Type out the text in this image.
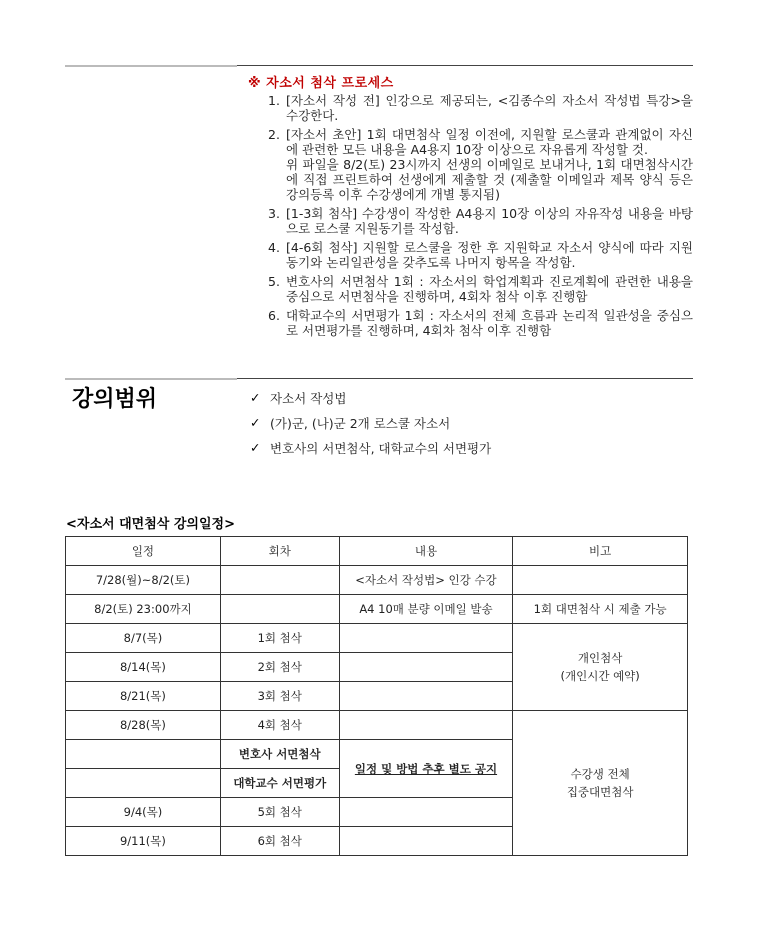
※ 자소서 첨삭 프로세스
1. [자소서 작성 전] 인강으로 제공되는, <김종수의 자소서 작성법 특강>을 수강한다.
2. [자소서 초안] 1회 대면첨삭 일정 이전에, 지원할 로스쿨과 관계없이 자신에 관련한 모든 내용을 A4용지 10장 이상으로 자유롭게 작성할 것.

위 파일을 8/2(토) 23시까지 선생의 이메일로 보내거나, 1회 대면첨삭시간에 직접 프린트하여 선생에게 제출할 것 (제출할 이메일과 제목 양식 등은 강의등록 이후 수강생에게 개별 통지됨)

3. [1-3회 첨삭] 수강생이 작성한 A4용지 10장 이상의 자유작성 내용을 바탕으로 로스쿨 지원동기를 작성함.
4. [4-6회 첨삭] 지원할 로스쿨을 정한 후 지원학교 자소서 양식에 따라 지원동기와 논리일관성을 갖추도록 나머지 항목을 작성함.
5. 변호사의 서면첨삭 1회 : 자소서의 학업계획과 진로계획에 관련한 내용을 중심으로 서면첨삭을 진행하며, 4회차 첨삭 이후 진행함
6. 대학교수의 서면평가 1회 : 자소서의 전체 흐름과 논리적 일관성을 중심으로 서면평가를 진행하며, 4회차 첨삭 이후 진행함
강의범위	✓ 자소서 작성법
✓ (가)군, (나)군 2개 로스쿨 자소서
✓ 변호사의 서면첨삭, 대학교수의 서면평가
<자소서 대면첨삭 강의일정>
일정	회차	내용	비고
7/28(월)~8/2(토)		<자소서 작성법> 인강 수강	
8/2(토) 23:00까지		A4 10매 분량 이메일 발송	1회 대면첨삭 시 제출 가능
8/7(목)	1회 첨삭		개인첨삭
(개인시간 예약)
8/14(목)	2회 첨삭		
8/21(목)	3회 첨삭		
8/28(목)	4회 첨삭		수강생 전체
집중대면첨삭
	변호사 서면첨삭	일정 및 방법 추후 별도 공지	
	대학교수 서면평가		
9/4(목)	5회 첨삭		
9/11(목)	6회 첨삭		
